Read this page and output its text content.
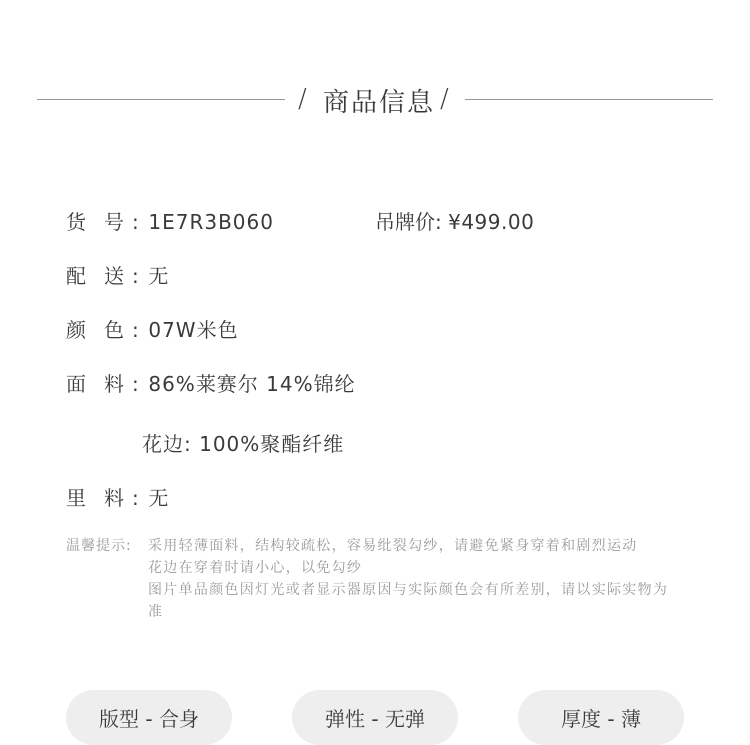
/ 商品信息 /
货 号 : 1E7R3B060	吊牌价: ¥499.00
配 送 : 无
颜 色 : 07W米色
面 料 : 86%莱赛尔 14%锦纶
花边: 100%聚酯纤维
里 料 : 无
温馨提示:	采用轻薄面料，结构较疏松，容易纰裂勾纱，请避免紧身穿着和剧烈运动
花边在穿着时请小心，以免勾纱
图片单品颜色因灯光或者显示器原因与实际颜色会有所差别，请以实际实物为准
版型 - 合身	弹性 - 无弹	厚度 - 薄
